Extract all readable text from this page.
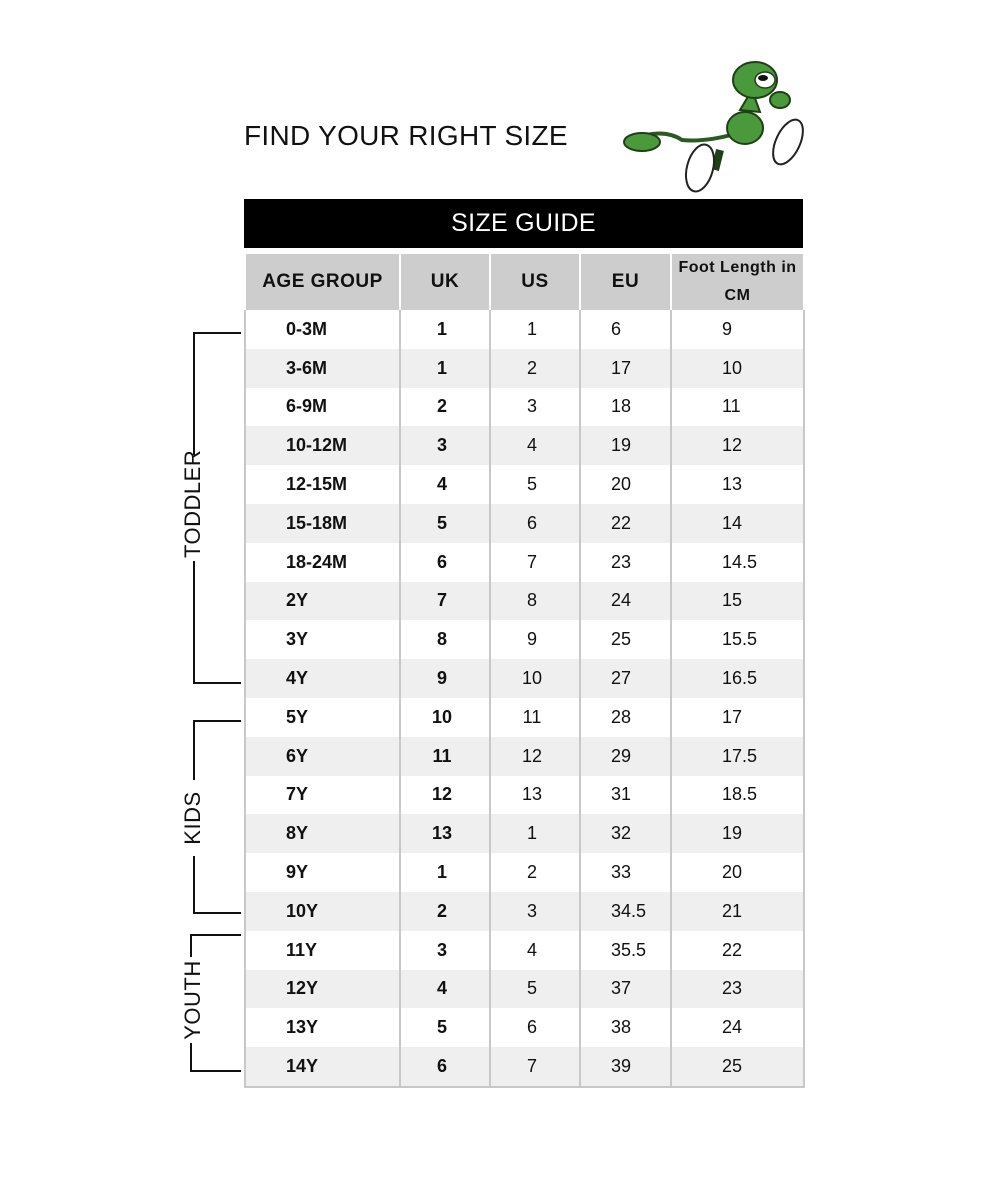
FIND YOUR RIGHT SIZE
SIZE GUIDE
AGE GROUP	UK	US	EU	Foot Length in CM
0-3M	1	1	6	9
3-6M	1	2	17	10
6-9M	2	3	18	11
10-12M	3	4	19	12
12-15M	4	5	20	13
15-18M	5	6	22	14
18-24M	6	7	23	14.5
2Y	7	8	24	15
3Y	8	9	25	15.5
4Y	9	10	27	16.5
5Y	10	11	28	17
6Y	11	12	29	17.5
7Y	12	13	31	18.5
8Y	13	1	32	19
9Y	1	2	33	20
10Y	2	3	34.5	21
11Y	3	4	35.5	22
12Y	4	5	37	23
13Y	5	6	38	24
14Y	6	7	39	25
TODDLER
KIDS
YOUTH
